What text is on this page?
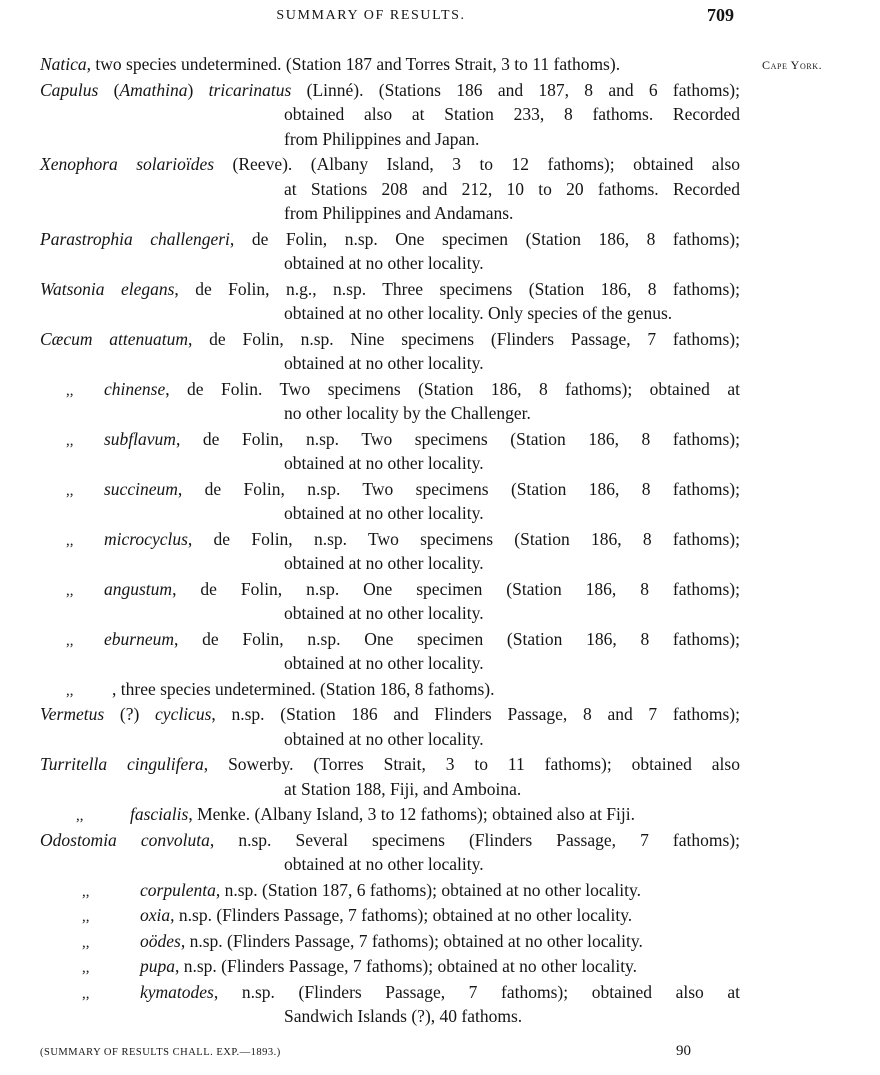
SUMMARY OF RESULTS.	709
Cape York.
Natica, two species undetermined. (Station 187 and Torres Strait, 3 to 11 fathoms).
Capulus (Amathina) tricarinatus (Linné). (Stations 186 and 187, 8 and 6 fathoms);
obtained also at Station 233, 8 fathoms. Recorded
from Philippines and Japan.
Xenophora solarioïdes (Reeve). (Albany Island, 3 to 12 fathoms); obtained also
at Stations 208 and 212, 10 to 20 fathoms. Recorded
from Philippines and Andamans.
Parastrophia challengeri, de Folin, n.sp. One specimen (Station 186, 8 fathoms);
obtained at no other locality.
Watsonia elegans, de Folin, n.g., n.sp. Three specimens (Station 186, 8 fathoms);
obtained at no other locality. Only species of the genus.
Cæcum attenuatum, de Folin, n.sp. Nine specimens (Flinders Passage, 7 fathoms);
obtained at no other locality.
,, chinense, de Folin. Two specimens (Station 186, 8 fathoms); obtained at
no other locality by the Challenger.
,, subflavum, de Folin, n.sp. Two specimens (Station 186, 8 fathoms);
obtained at no other locality.
,, succineum, de Folin, n.sp. Two specimens (Station 186, 8 fathoms);
obtained at no other locality.
,, microcyclus, de Folin, n.sp. Two specimens (Station 186, 8 fathoms);
obtained at no other locality.
,, angustum, de Folin, n.sp. One specimen (Station 186, 8 fathoms);
obtained at no other locality.
,, eburneum, de Folin, n.sp. One specimen (Station 186, 8 fathoms);
obtained at no other locality.
,, , three species undetermined. (Station 186, 8 fathoms).
Vermetus (?) cyclicus, n.sp. (Station 186 and Flinders Passage, 8 and 7 fathoms);
obtained at no other locality.
Turritella cingulifera, Sowerby. (Torres Strait, 3 to 11 fathoms); obtained also
at Station 188, Fiji, and Amboina.
,,	fascialis, Menke. (Albany Island, 3 to 12 fathoms); obtained also at Fiji.
Odostomia convoluta, n.sp. Several specimens (Flinders Passage, 7 fathoms);
obtained at no other locality.
,,	corpulenta, n.sp. (Station 187, 6 fathoms); obtained at no other locality.
,,	oxia, n.sp. (Flinders Passage, 7 fathoms); obtained at no other locality.
,,	oödes, n.sp. (Flinders Passage, 7 fathoms); obtained at no other locality.
,,	pupa, n.sp. (Flinders Passage, 7 fathoms); obtained at no other locality.
,,	kymatodes, n.sp. (Flinders Passage, 7 fathoms); obtained also at
Sandwich Islands (?), 40 fathoms.
(SUMMARY OF RESULTS CHALL. EXP.—1893.)	90
